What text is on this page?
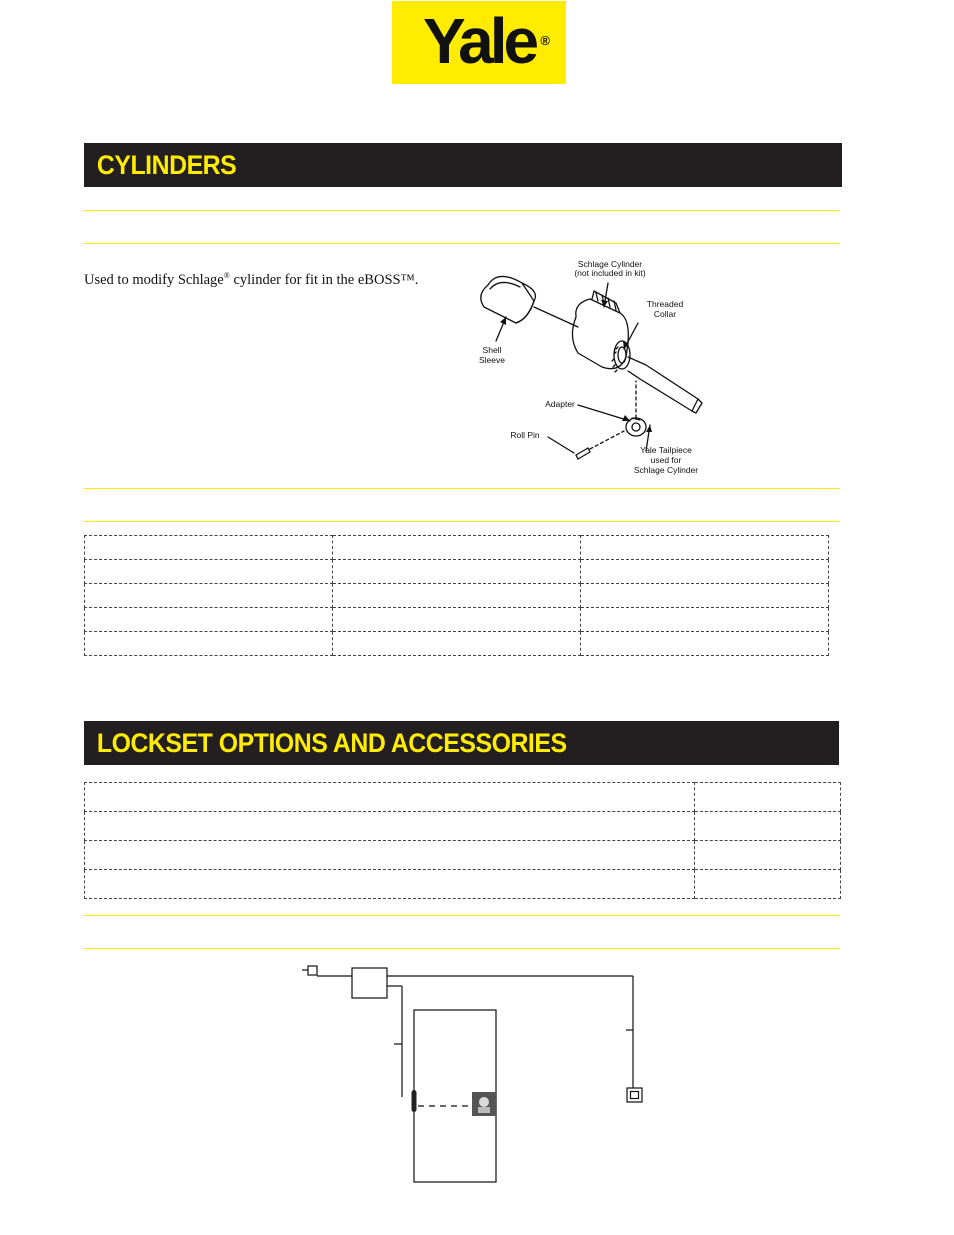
Yale ®
CYLINDERS
Used to modify Schlage® cylinder for fit in the eBOSS™.
Schlage Cylinder
(not included in kit)
Threaded
Collar
Shell
Sleeve
Adapter
Roll Pin
Yale Tailpiece
used for
Schlage Cylinder

LOCKSET OPTIONS AND ACCESSORIES
